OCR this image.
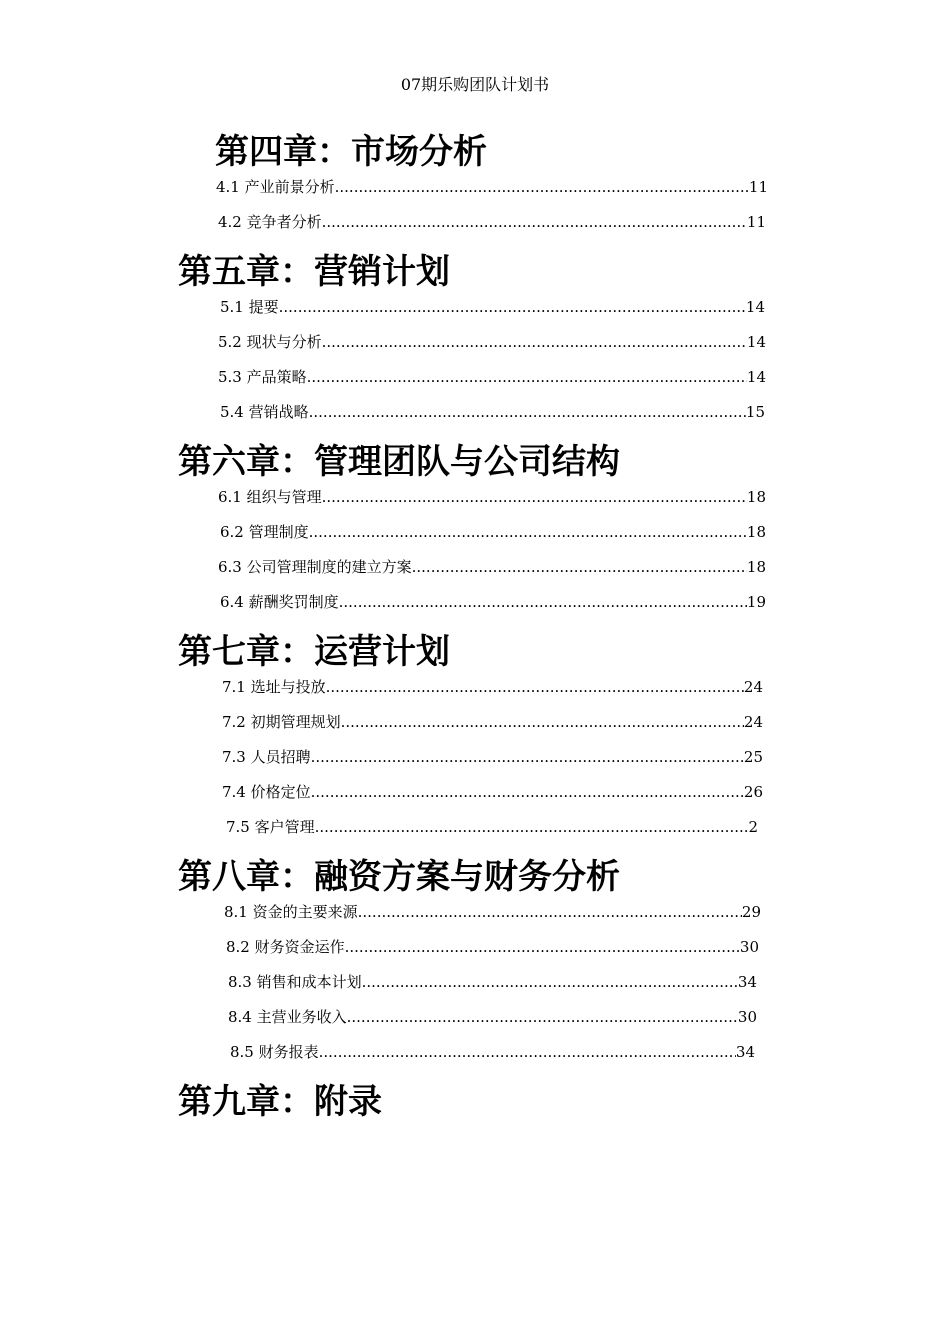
07期乐购团队计划书
第四章：市场分析
4.1 产业前景分析 .....	11
4.2 竞争者分析 .....	11
第五章：营销计划
5.1 提要 .....	14
5.2 现状与分析 .....	14
5.3 产品策略 .....	14
5.4 营销战略 .....	15
第六章：管理团队与公司结构
6.1 组织与管理 .....	18
6.2 管理制度 .....	18
6.3 公司管理制度的建立方案 .....	18
6.4 薪酬奖罚制度 .....	19
第七章：运营计划
7.1 选址与投放 .....	24
7.2 初期管理规划 .....	24
7.3 人员招聘 .....	25
7.4 价格定位 .....	26
7.5 客户管理 .....	2
第八章：融资方案与财务分析
8.1 资金的主要来源 .....	29
8.2 财务资金运作 .....	30
8.3 销售和成本计划 .....	34
8.4 主营业务收入 .....	30
8.5 财务报表 .....	34
第九章：附录
